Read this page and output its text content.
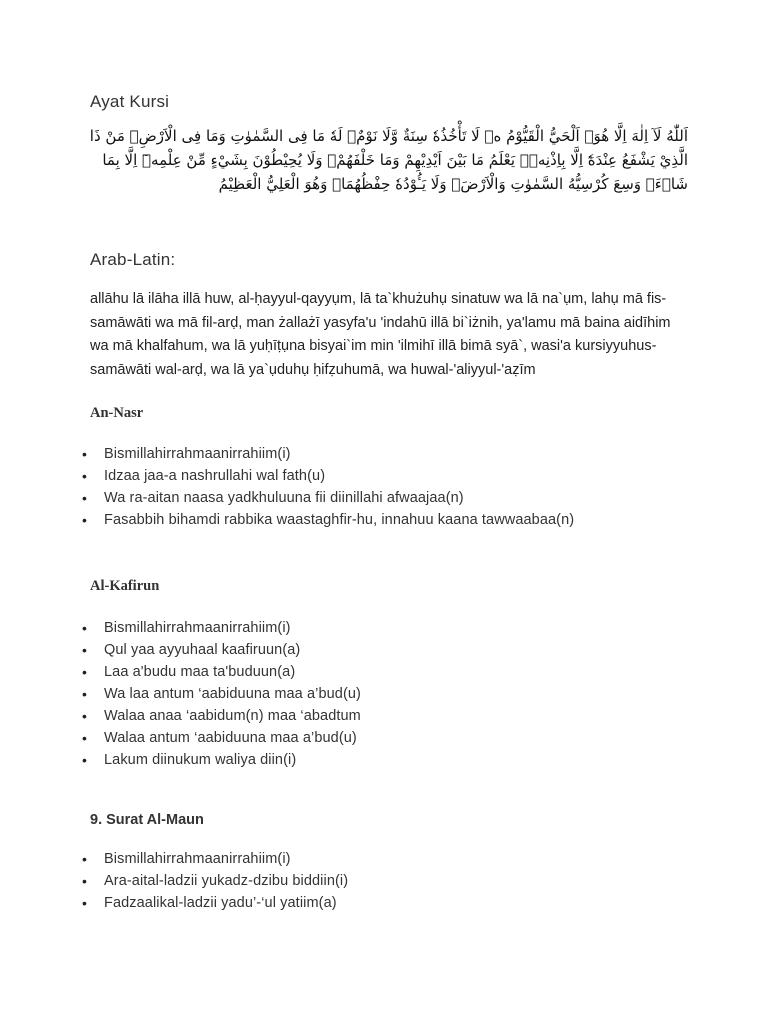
Ayat Kursi
اَللّٰهُ لَآ اِلٰهَ اِلَّا هُوَۚ اَلْحَيُّ الْقَيُّوْمُ ەۚ لَا تَأْخُذُهٗ سِنَةٌ وَّلَا نَوْمٌۗ لَهٗ مَا فِى السَّمٰوٰتِ وَمَا فِى الْاَرْضِۗ مَنْ ذَا الَّذِيْ يَشْفَعُ عِنْدَهٗٓ اِلَّا بِاِذْنِهٖۗ يَعْلَمُ مَا بَيْنَ اَيْدِيْهِمْ وَمَا خَلْفَهُمْۚ وَلَا يُحِيْطُوْنَ بِشَيْءٍ مِّنْ عِلْمِهٖٓ اِلَّا بِمَا شَاۤءَۚ وَسِعَ كُرْسِيُّهُ السَّمٰوٰتِ وَالْاَرْضَۚ وَلَا يَـُٔوْدُهٗ حِفْظُهُمَاۚ وَهُوَ الْعَلِيُّ الْعَظِيْمُ
Arab-Latin:
allāhu lā ilāha illā huw, al-ḥayyul-qayyụm, lā ta`khużuhụ sinatuw wa lā na`ụm, lahụ mā fis-samāwāti wa mā fil-arḍ, man żallażī yasyfa'u 'indahū illā bi`iżnih, ya'lamu mā baina aidīhim wa mā khalfahum, wa lā yuḥīṭụna bisyai`im min 'ilmihī illā bimā syā`, wasi'a kursiyyuhus-samāwāti wal-arḍ, wa lā ya`ụduhụ ḥifẓuhumā, wa huwal-'aliyyul-'aẓīm
An-Nasr
• Bismillahirrahmaanirrahiim(i)
• Idzaa jaa-a nashrullahi wal fath(u)
• Wa ra-aitan naasa yadkhuluuna fii diinillahi afwaajaa(n)
• Fasabbih bihamdi rabbika waastaghfir-hu, innahuu kaana tawwaabaa(n)
Al-Kafirun
• Bismillahirrahmaanirrahiim(i)
• Qul yaa ayyuhaal kaafiruun(a)
• Laa a'budu maa ta'buduun(a)
• Wa laa antum ‘aabiduuna maa a’bud(u)
• Walaa anaa ‘aabidum(n) maa ‘abadtum
• Walaa antum ‘aabiduuna maa a’bud(u)
• Lakum diinukum waliya diin(i)
9. Surat Al-Maun
• Bismillahirrahmaanirrahiim(i)
• Ara-aital-ladzii yukadz-dzibu biddiin(i)
• Fadzaalikal-ladzii yadu’-‘ul yatiim(a)
